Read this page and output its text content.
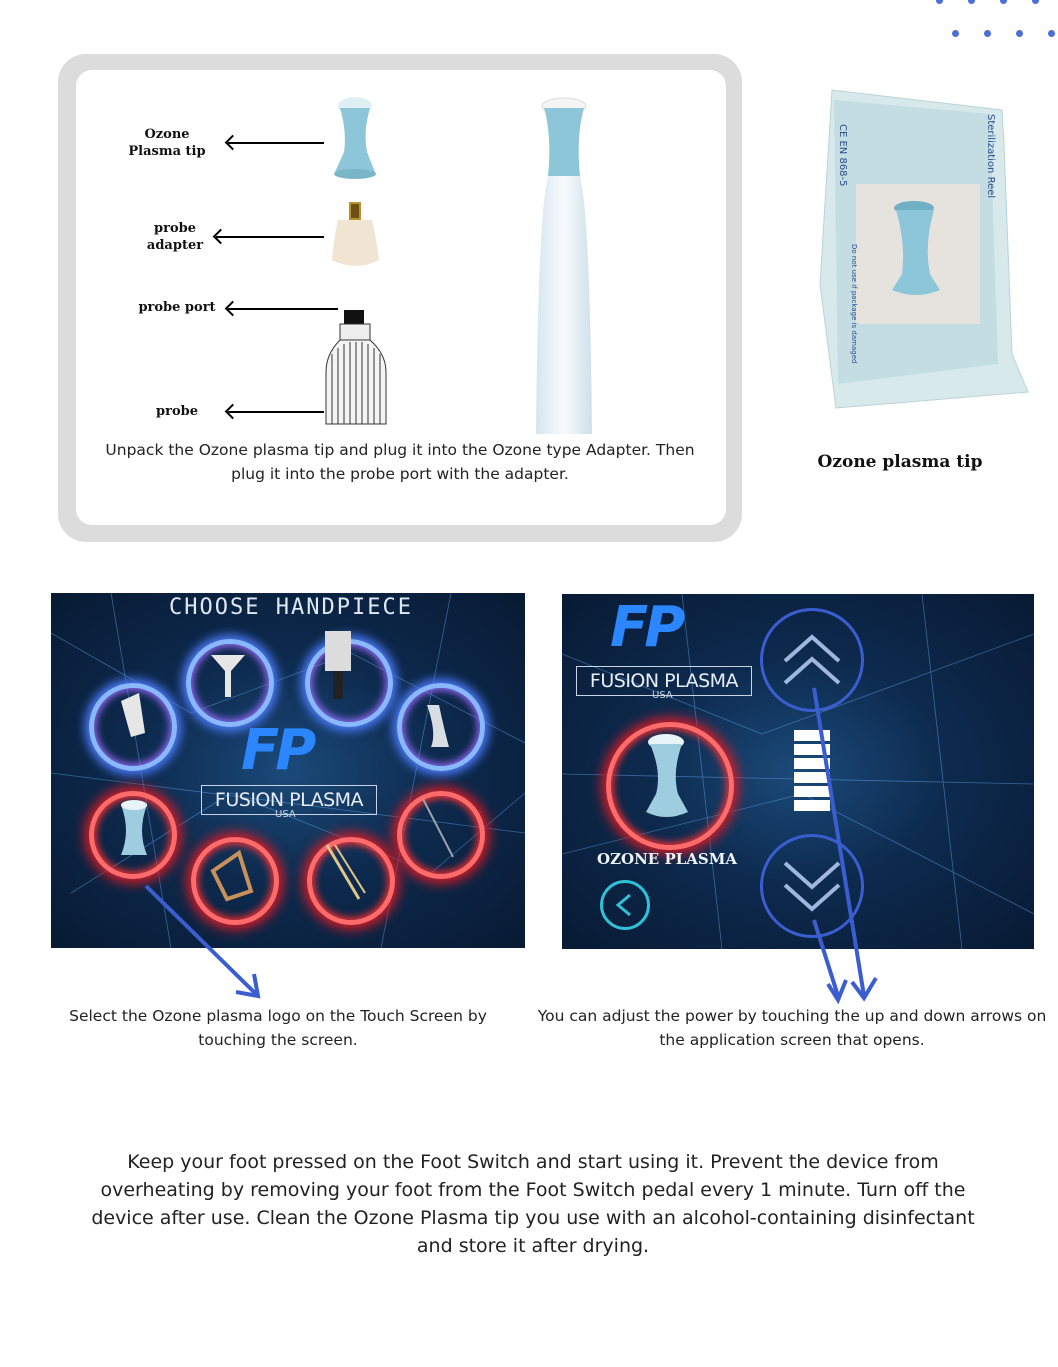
Ozone
Plasma tip
probe
adapter
probe port
probe
Unpack the Ozone plasma tip and plug it into the Ozone type Adapter. Then plug it into the probe port with the adapter.
CE EN 868-5	Sterilization Reel
Do not use if package is damaged
Ozone plasma tip
CHOOSE HANDPIECE
FP
FUSION PLASMA
USA
Select the Ozone plasma logo on the Touch Screen by touching the screen.
FP
FUSION PLASMA
USA
OZONE PLASMA
You can adjust the power by touching the up and down arrows on the application screen that opens.
Keep your foot pressed on the Foot Switch and start using it. Prevent the device from overheating by removing your foot from the Foot Switch pedal every 1 minute. Turn off the device after use. Clean the Ozone Plasma tip you use with an alcohol-containing disinfectant and store it after drying.
